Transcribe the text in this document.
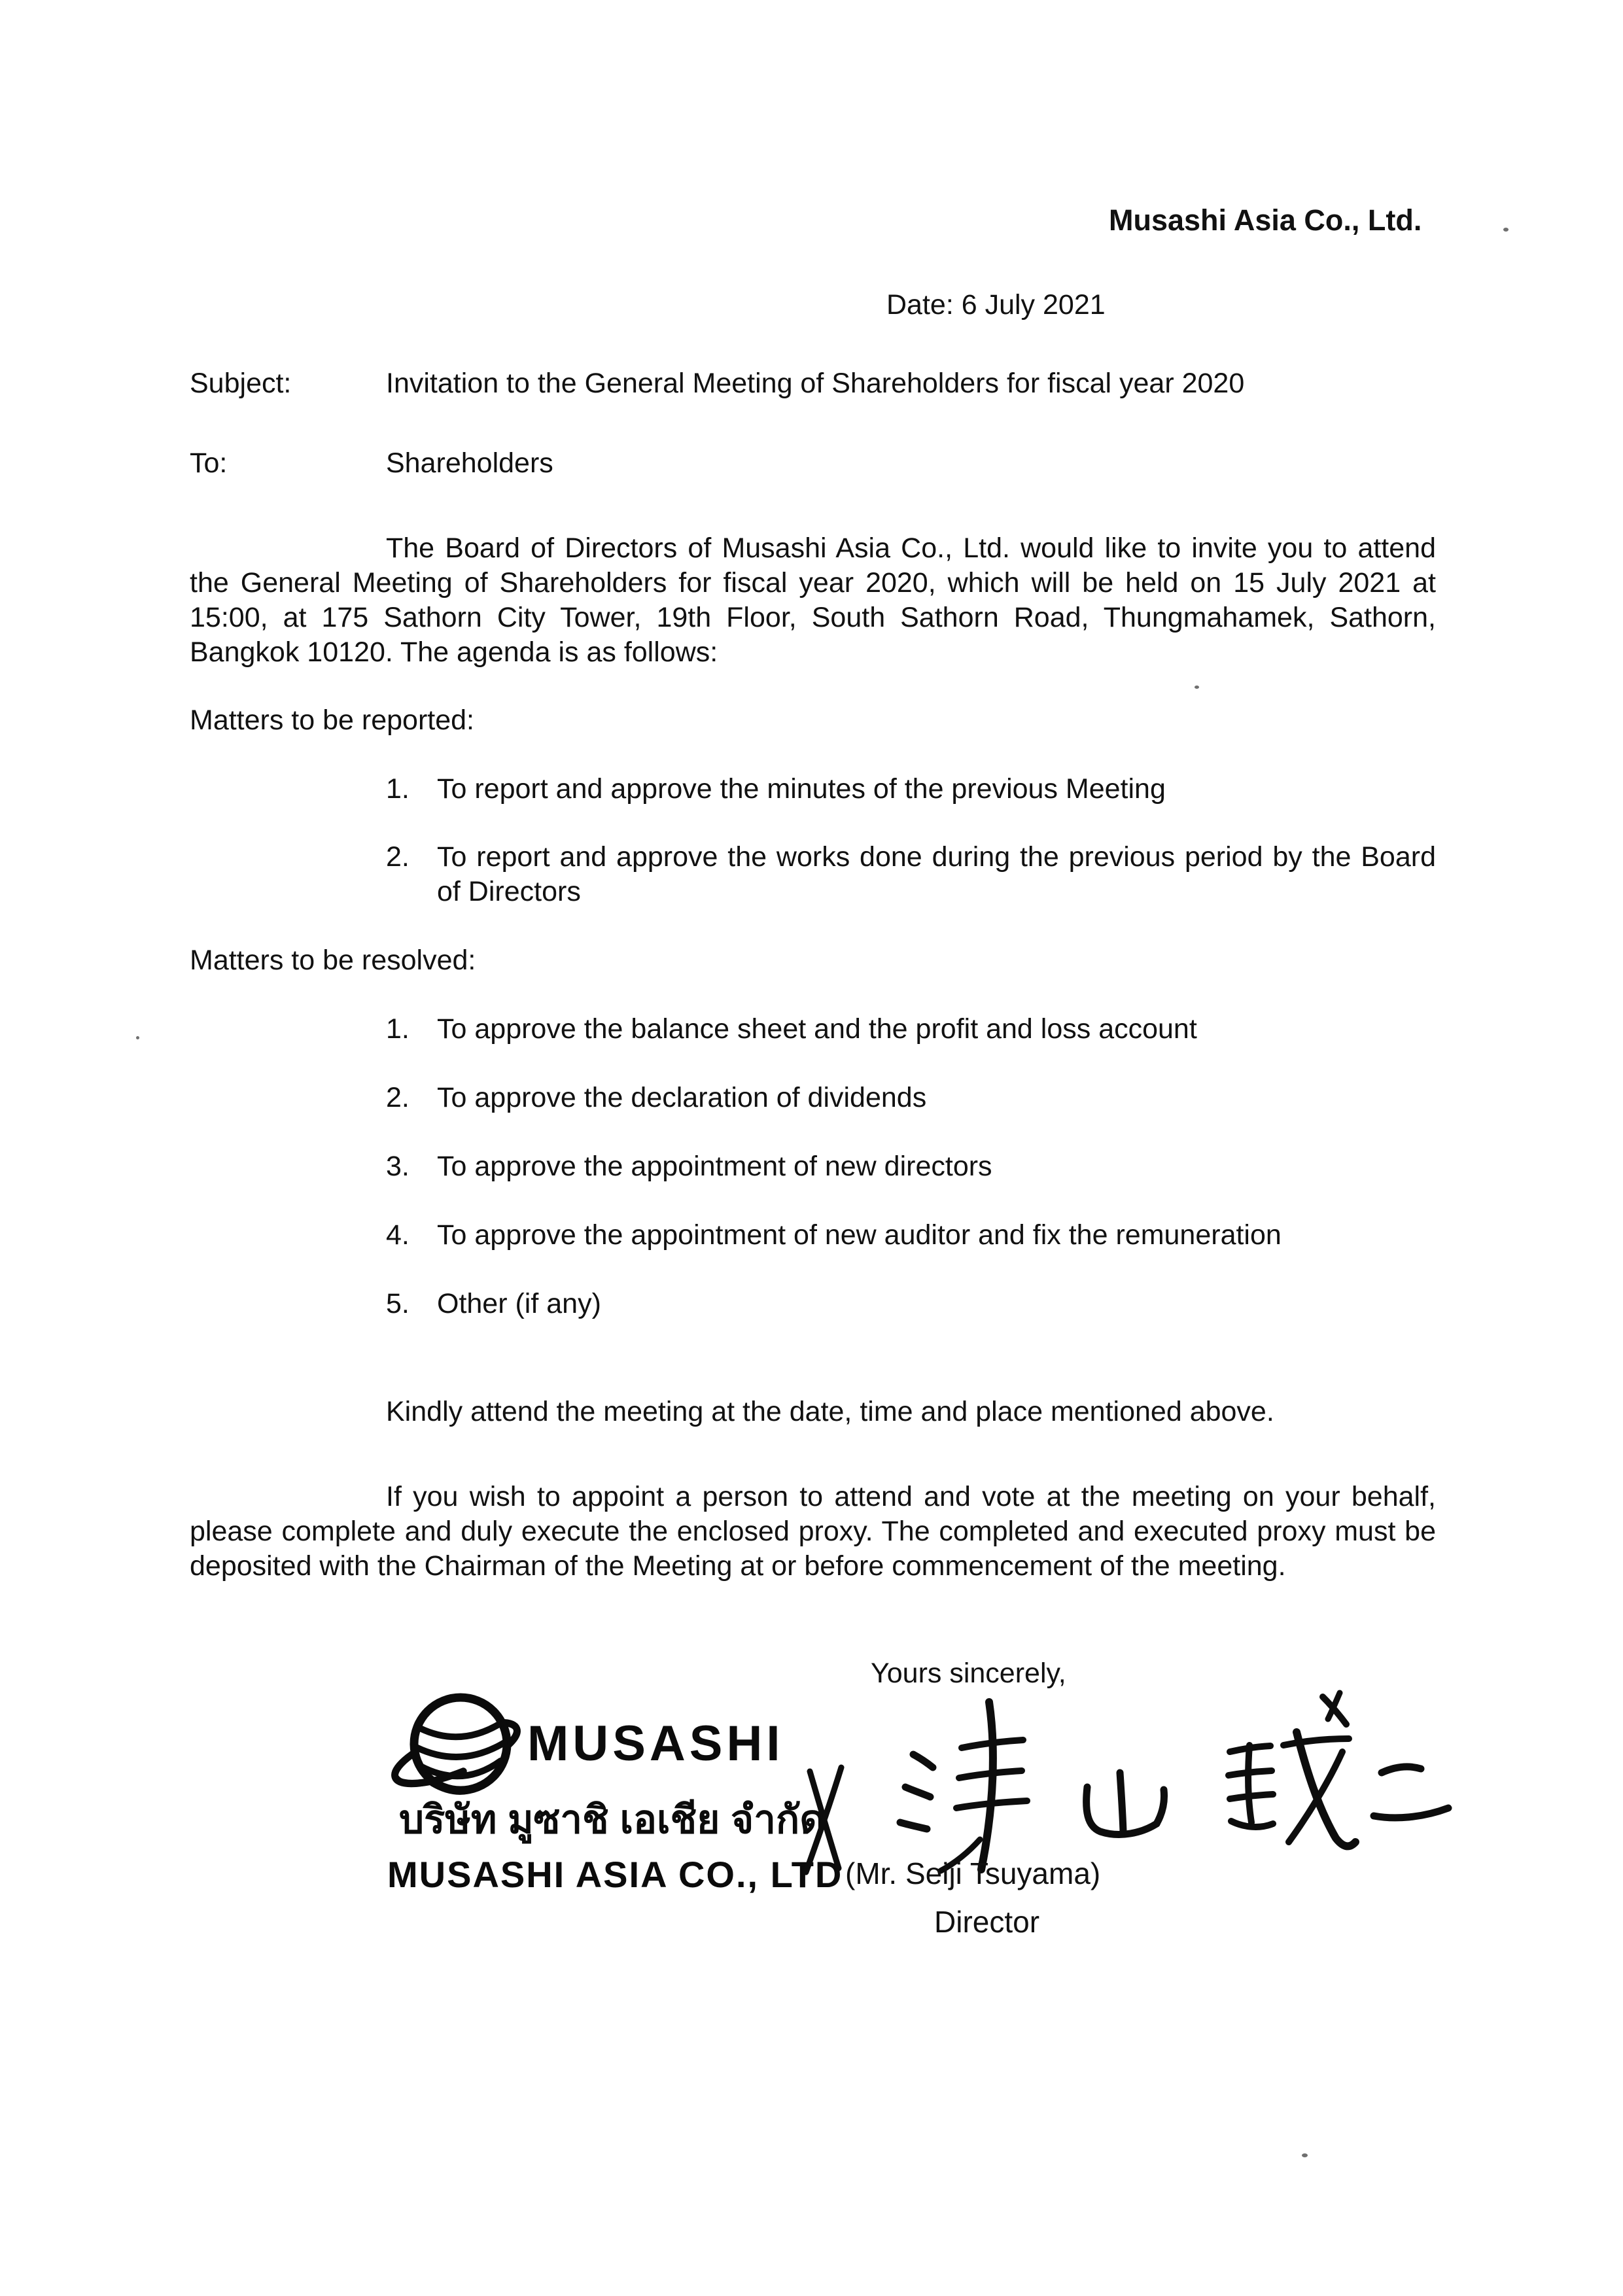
Musashi Asia Co., Ltd.
Date: 6 July 2021
Subject:	Invitation to the General Meeting of Shareholders for fiscal year 2020
To:	Shareholders
The Board of Directors of Musashi Asia Co., Ltd. would like to invite you to attend the General Meeting of Shareholders for fiscal year 2020, which will be held on 15 July 2021 at 15:00, at 175 Sathorn City Tower, 19th Floor, South Sathorn Road, Thungmahamek, Sathorn, Bangkok 10120. The agenda is as follows:
Matters to be reported:
1. To report and approve the minutes of the previous Meeting
2. To report and approve the works done during the previous period by the Board of Directors
Matters to be resolved:
1. To approve the balance sheet and the profit and loss account
2. To approve the declaration of dividends
3. To approve the appointment of new directors
4. To approve the appointment of new auditor and fix the remuneration
5. Other (if any)
Kindly attend the meeting at the date, time and place mentioned above.
If you wish to appoint a person to attend and vote at the meeting on your behalf, please complete and duly execute the enclosed proxy. The completed and executed proxy must be deposited with the Chairman of the Meeting at or before commencement of the meeting.
Yours sincerely,
MUSASHI
บริษัท มูซาชิ เอเชีย จำกัด
MUSASHI ASIA CO., LTD (Mr. Seiji Tsuyama)
Director
